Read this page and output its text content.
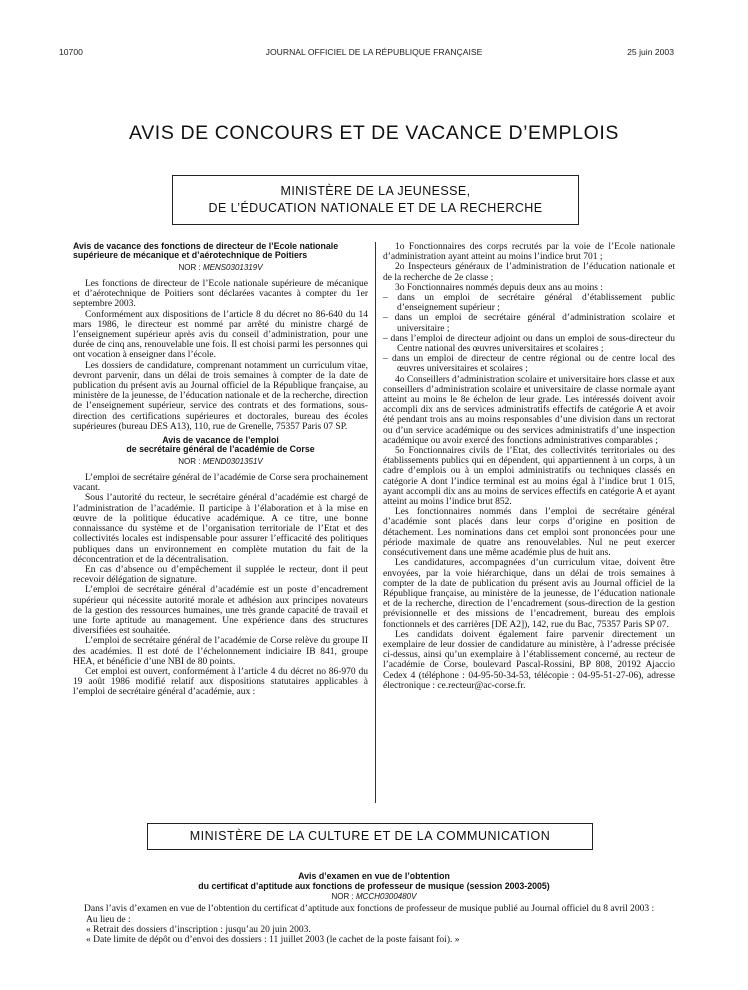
10700	JOURNAL OFFICIEL DE LA RÉPUBLIQUE FRANÇAISE	25 juin 2003
AVIS DE CONCOURS ET DE VACANCE D’EMPLOIS
MINISTÈRE DE LA JEUNESSE,
DE L’ÉDUCATION NATIONALE ET DE LA RECHERCHE

Avis de vacance des fonctions de directeur de l’Ecole nationale supérieure de mécanique et d’aérotechnique de Poitiers

NOR : MENS0301319V

Les fonctions de directeur de l’Ecole nationale supérieure de mécanique et d’aérotechnique de Poitiers sont déclarées vacantes à compter du 1er septembre 2003.

Conformément aux dispositions de l’article 8 du décret no 86-640 du 14 mars 1986, le directeur est nommé par arrêté du ministre chargé de l’enseignement supérieur après avis du conseil d’administration, pour une durée de cinq ans, renouvelable une fois. Il est choisi parmi les personnes qui ont vocation à enseigner dans l’école.

Les dossiers de candidature, comprenant notamment un curriculum vitae, devront parvenir, dans un délai de trois semaines à compter de la date de publication du présent avis au Journal officiel de la République française, au ministère de la jeunesse, de l’éducation nationale et de la recherche, direction de l’enseignement supérieur, service des contrats et des formations, sous-direction des certifications supérieures et doctorales, bureau des écoles supérieures (bureau DES A13), 110, rue de Grenelle, 75357 Paris 07 SP.

Avis de vacance de l’emploi

de secrétaire général de l’académie de Corse

NOR : MEND0301351V

L’emploi de secrétaire général de l’académie de Corse sera prochainement vacant.

Sous l’autorité du recteur, le secrétaire général d’académie est chargé de l’administration de l’académie. Il participe à l’élaboration et à la mise en œuvre de la politique éducative académique. A ce titre, une bonne connaissance du système et de l’organisation territoriale de l’Etat et des collectivités locales est indispensable pour assurer l’efficacité des politiques publiques dans un environnement en complète mutation du fait de la déconcentration et de la décentralisation.

En cas d’absence ou d’empêchement il supplée le recteur, dont il peut recevoir délégation de signature.

L’emploi de secrétaire général d’académie est un poste d’encadrement supérieur qui nécessite autorité morale et adhésion aux principes novateurs de la gestion des ressources humaines, une très grande capacité de travail et une forte aptitude au management. Une expérience dans des structures diversifiées est souhaitée.

L’emploi de secrétaire général de l’académie de Corse relève du groupe II des académies. Il est doté de l’échelonnement indiciaire IB 841, groupe HEA, et bénéficie d’une NBI de 80 points.

Cet emploi est ouvert, conformément à l’article 4 du décret no 86-970 du 19 août 1986 modifié relatif aux dispositions statutaires applicables à l’emploi de secrétaire général d’académie, aux :

1o Fonctionnaires des corps recrutés par la voie de l’Ecole nationale d’administration ayant atteint au moins l’indice brut 701 ;

2o Inspecteurs généraux de l’administration de l’éducation nationale et de la recherche de 2e classe ;

3o Fonctionnaires nommés depuis deux ans au moins :

– dans un emploi de secrétaire général d’établissement public d’enseignement supérieur ;

– dans un emploi de secrétaire général d’administration scolaire et universitaire ;

– dans l’emploi de directeur adjoint ou dans un emploi de sous-directeur du Centre national des œuvres universitaires et scolaires ;

– dans un emploi de directeur de centre régional ou de centre local des œuvres universitaires et scolaires ;

4o Conseillers d’administration scolaire et universitaire hors classe et aux conseillers d’administration scolaire et universitaire de classe normale ayant atteint au moins le 8e échelon de leur grade. Les intéressés doivent avoir accompli dix ans de services administratifs effectifs de catégorie A et avoir été pendant trois ans au moins responsables d’une division dans un rectorat ou d’un service académique ou des services administratifs d’une inspection académique ou avoir exercé des fonctions administratives comparables ;

5o Fonctionnaires civils de l’Etat, des collectivités territoriales ou des établissements publics qui en dépendent, qui appartiennent à un corps, à un cadre d’emplois ou à un emploi administratifs ou techniques classés en catégorie A dont l’indice terminal est au moins égal à l’indice brut 1 015, ayant accompli dix ans au moins de services effectifs en catégorie A et ayant atteint au moins l’indice brut 852.

Les fonctionnaires nommés dans l’emploi de secrétaire général d’académie sont placés dans leur corps d’origine en position de détachement. Les nominations dans cet emploi sont prononcées pour une période maximale de quatre ans renouvelables. Nul ne peut exercer consécutivement dans une même académie plus de huit ans.

Les candidatures, accompagnées d’un curriculum vitae, doivent être envoyées, par la voie hiérarchique, dans un délai de trois semaines à compter de la date de publication du présent avis au Journal officiel de la République française, au ministère de la jeunesse, de l’éducation nationale et de la recherche, direction de l’encadrement (sous-direction de la gestion prévisionnelle et des missions de l’encadrement, bureau des emplois fonctionnels et des carrières [DE A2]), 142, rue du Bac, 75357 Paris SP 07.

Les candidats doivent également faire parvenir directement un exemplaire de leur dossier de candidature au ministère, à l’adresse précisée ci-dessus, ainsi qu’un exemplaire à l’établissement concerné, au recteur de l’académie de Corse, boulevard Pascal-Rossini, BP 808, 20192 Ajaccio Cedex 4 (téléphone : 04-95-50-34-53, télécopie : 04-95-51-27-06), adresse électronique : ce.recteur@ac-corse.fr.

MINISTÈRE DE LA CULTURE ET DE LA COMMUNICATION

Avis d’examen en vue de l’obtention

du certificat d’aptitude aux fonctions de professeur de musique (session 2003-2005)

NOR : MCCH0300480V

Dans l’avis d’examen en vue de l’obtention du certificat d’aptitude aux fonctions de professeur de musique publié au Journal officiel du 8 avril 2003 :

Au lieu de :

« Retrait des dossiers d’inscription : jusqu’au 20 juin 2003.

« Date limite de dépôt ou d’envoi des dossiers : 11 juillet 2003 (le cachet de la poste faisant foi). »
